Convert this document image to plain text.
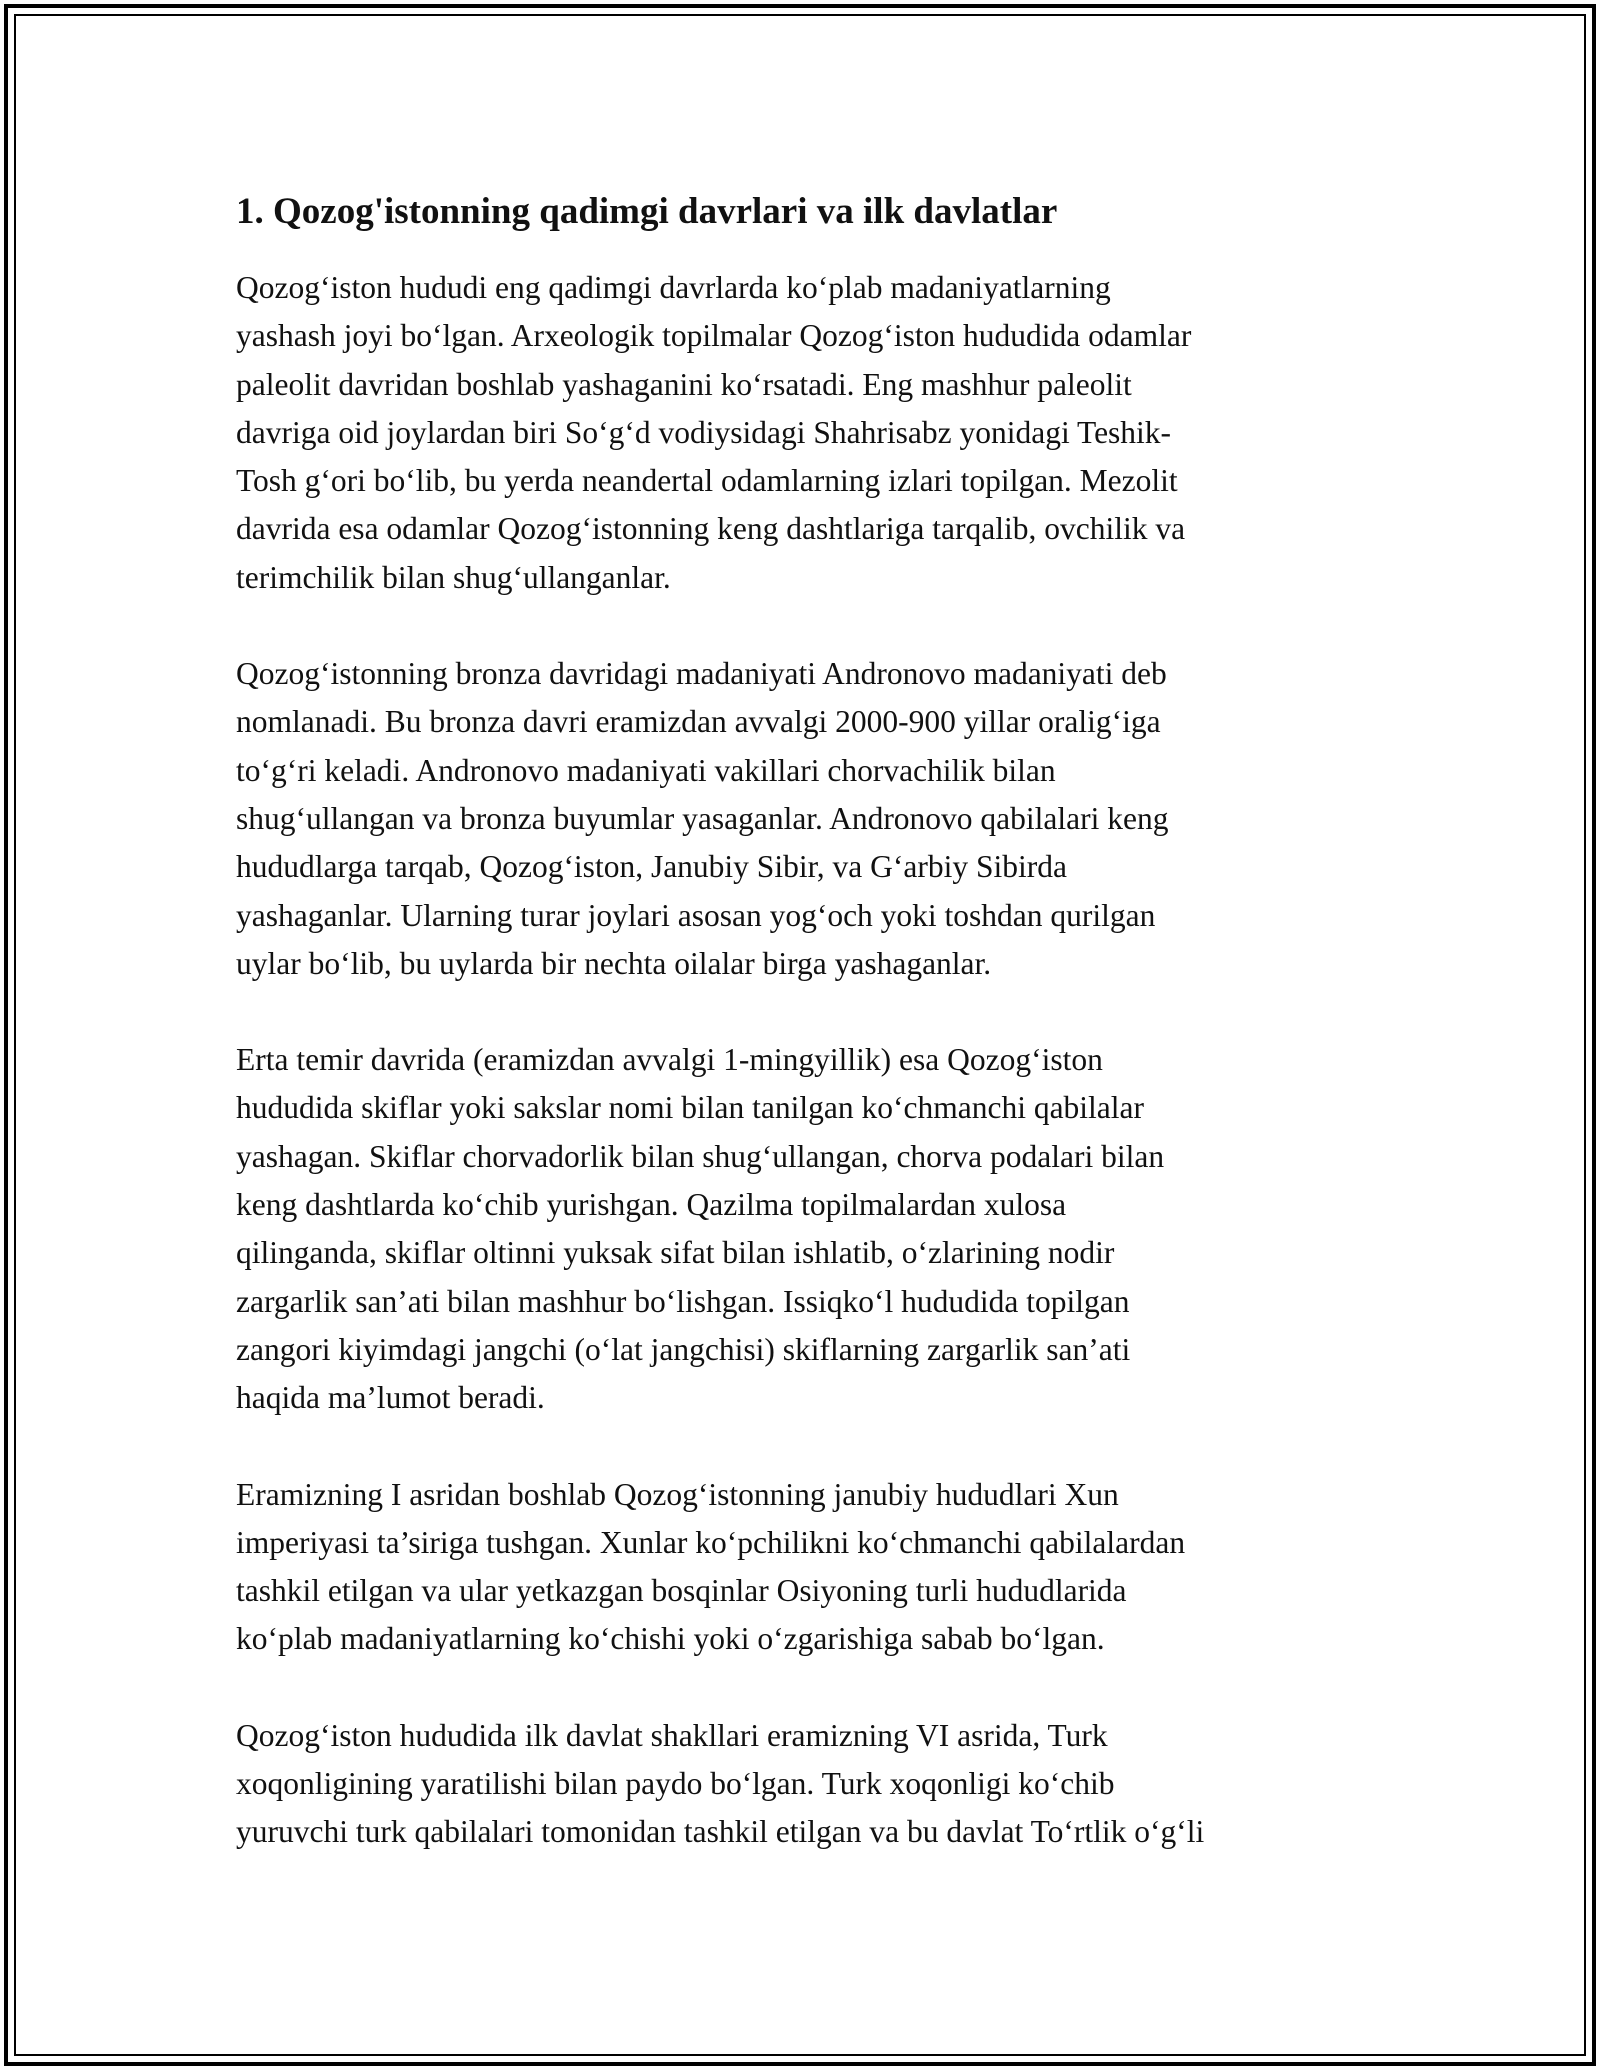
1. Qozog'istonning qadimgi davrlari va ilk davlatlar

Qozog‘iston hududi eng qadimgi davrlarda ko‘plab madaniyatlarning
yashash joyi bo‘lgan. Arxeologik topilmalar Qozog‘iston hududida odamlar
paleolit davridan boshlab yashaganini ko‘rsatadi. Eng mashhur paleolit
davriga oid joylardan biri So‘g‘d vodiysidagi Shahrisabz yonidagi Teshik-
Tosh g‘ori bo‘lib, bu yerda neandertal odamlarning izlari topilgan. Mezolit
davrida esa odamlar Qozog‘istonning keng dashtlariga tarqalib, ovchilik va
terimchilik bilan shug‘ullanganlar.

Qozog‘istonning bronza davridagi madaniyati Andronovo madaniyati deb
nomlanadi. Bu bronza davri eramizdan avvalgi 2000-900 yillar oralig‘iga
to‘g‘ri keladi. Andronovo madaniyati vakillari chorvachilik bilan
shug‘ullangan va bronza buyumlar yasaganlar. Andronovo qabilalari keng
hududlarga tarqab, Qozog‘iston, Janubiy Sibir, va G‘arbiy Sibirda
yashaganlar. Ularning turar joylari asosan yog‘och yoki toshdan qurilgan
uylar bo‘lib, bu uylarda bir nechta oilalar birga yashaganlar.

Erta temir davrida (eramizdan avvalgi 1-mingyillik) esa Qozog‘iston
hududida skiflar yoki sakslar nomi bilan tanilgan ko‘chmanchi qabilalar
yashagan. Skiflar chorvadorlik bilan shug‘ullangan, chorva podalari bilan
keng dashtlarda ko‘chib yurishgan. Qazilma topilmalardan xulosa
qilinganda, skiflar oltinni yuksak sifat bilan ishlatib, o‘zlarining nodir
zargarlik san’ati bilan mashhur bo‘lishgan. Issiqko‘l hududida topilgan
zangori kiyimdagi jangchi (o‘lat jangchisi) skiflarning zargarlik san’ati
haqida ma’lumot beradi.

Eramizning I asridan boshlab Qozog‘istonning janubiy hududlari Xun
imperiyasi ta’siriga tushgan. Xunlar ko‘pchilikni ko‘chmanchi qabilalardan
tashkil etilgan va ular yetkazgan bosqinlar Osiyoning turli hududlarida
ko‘plab madaniyatlarning ko‘chishi yoki o‘zgarishiga sabab bo‘lgan.

Qozog‘iston hududida ilk davlat shakllari eramizning VI asrida, Turk
xoqonligining yaratilishi bilan paydo bo‘lgan. Turk xoqonligi ko‘chib
yuruvchi turk qabilalari tomonidan tashkil etilgan va bu davlat To‘rtlik o‘g‘li
